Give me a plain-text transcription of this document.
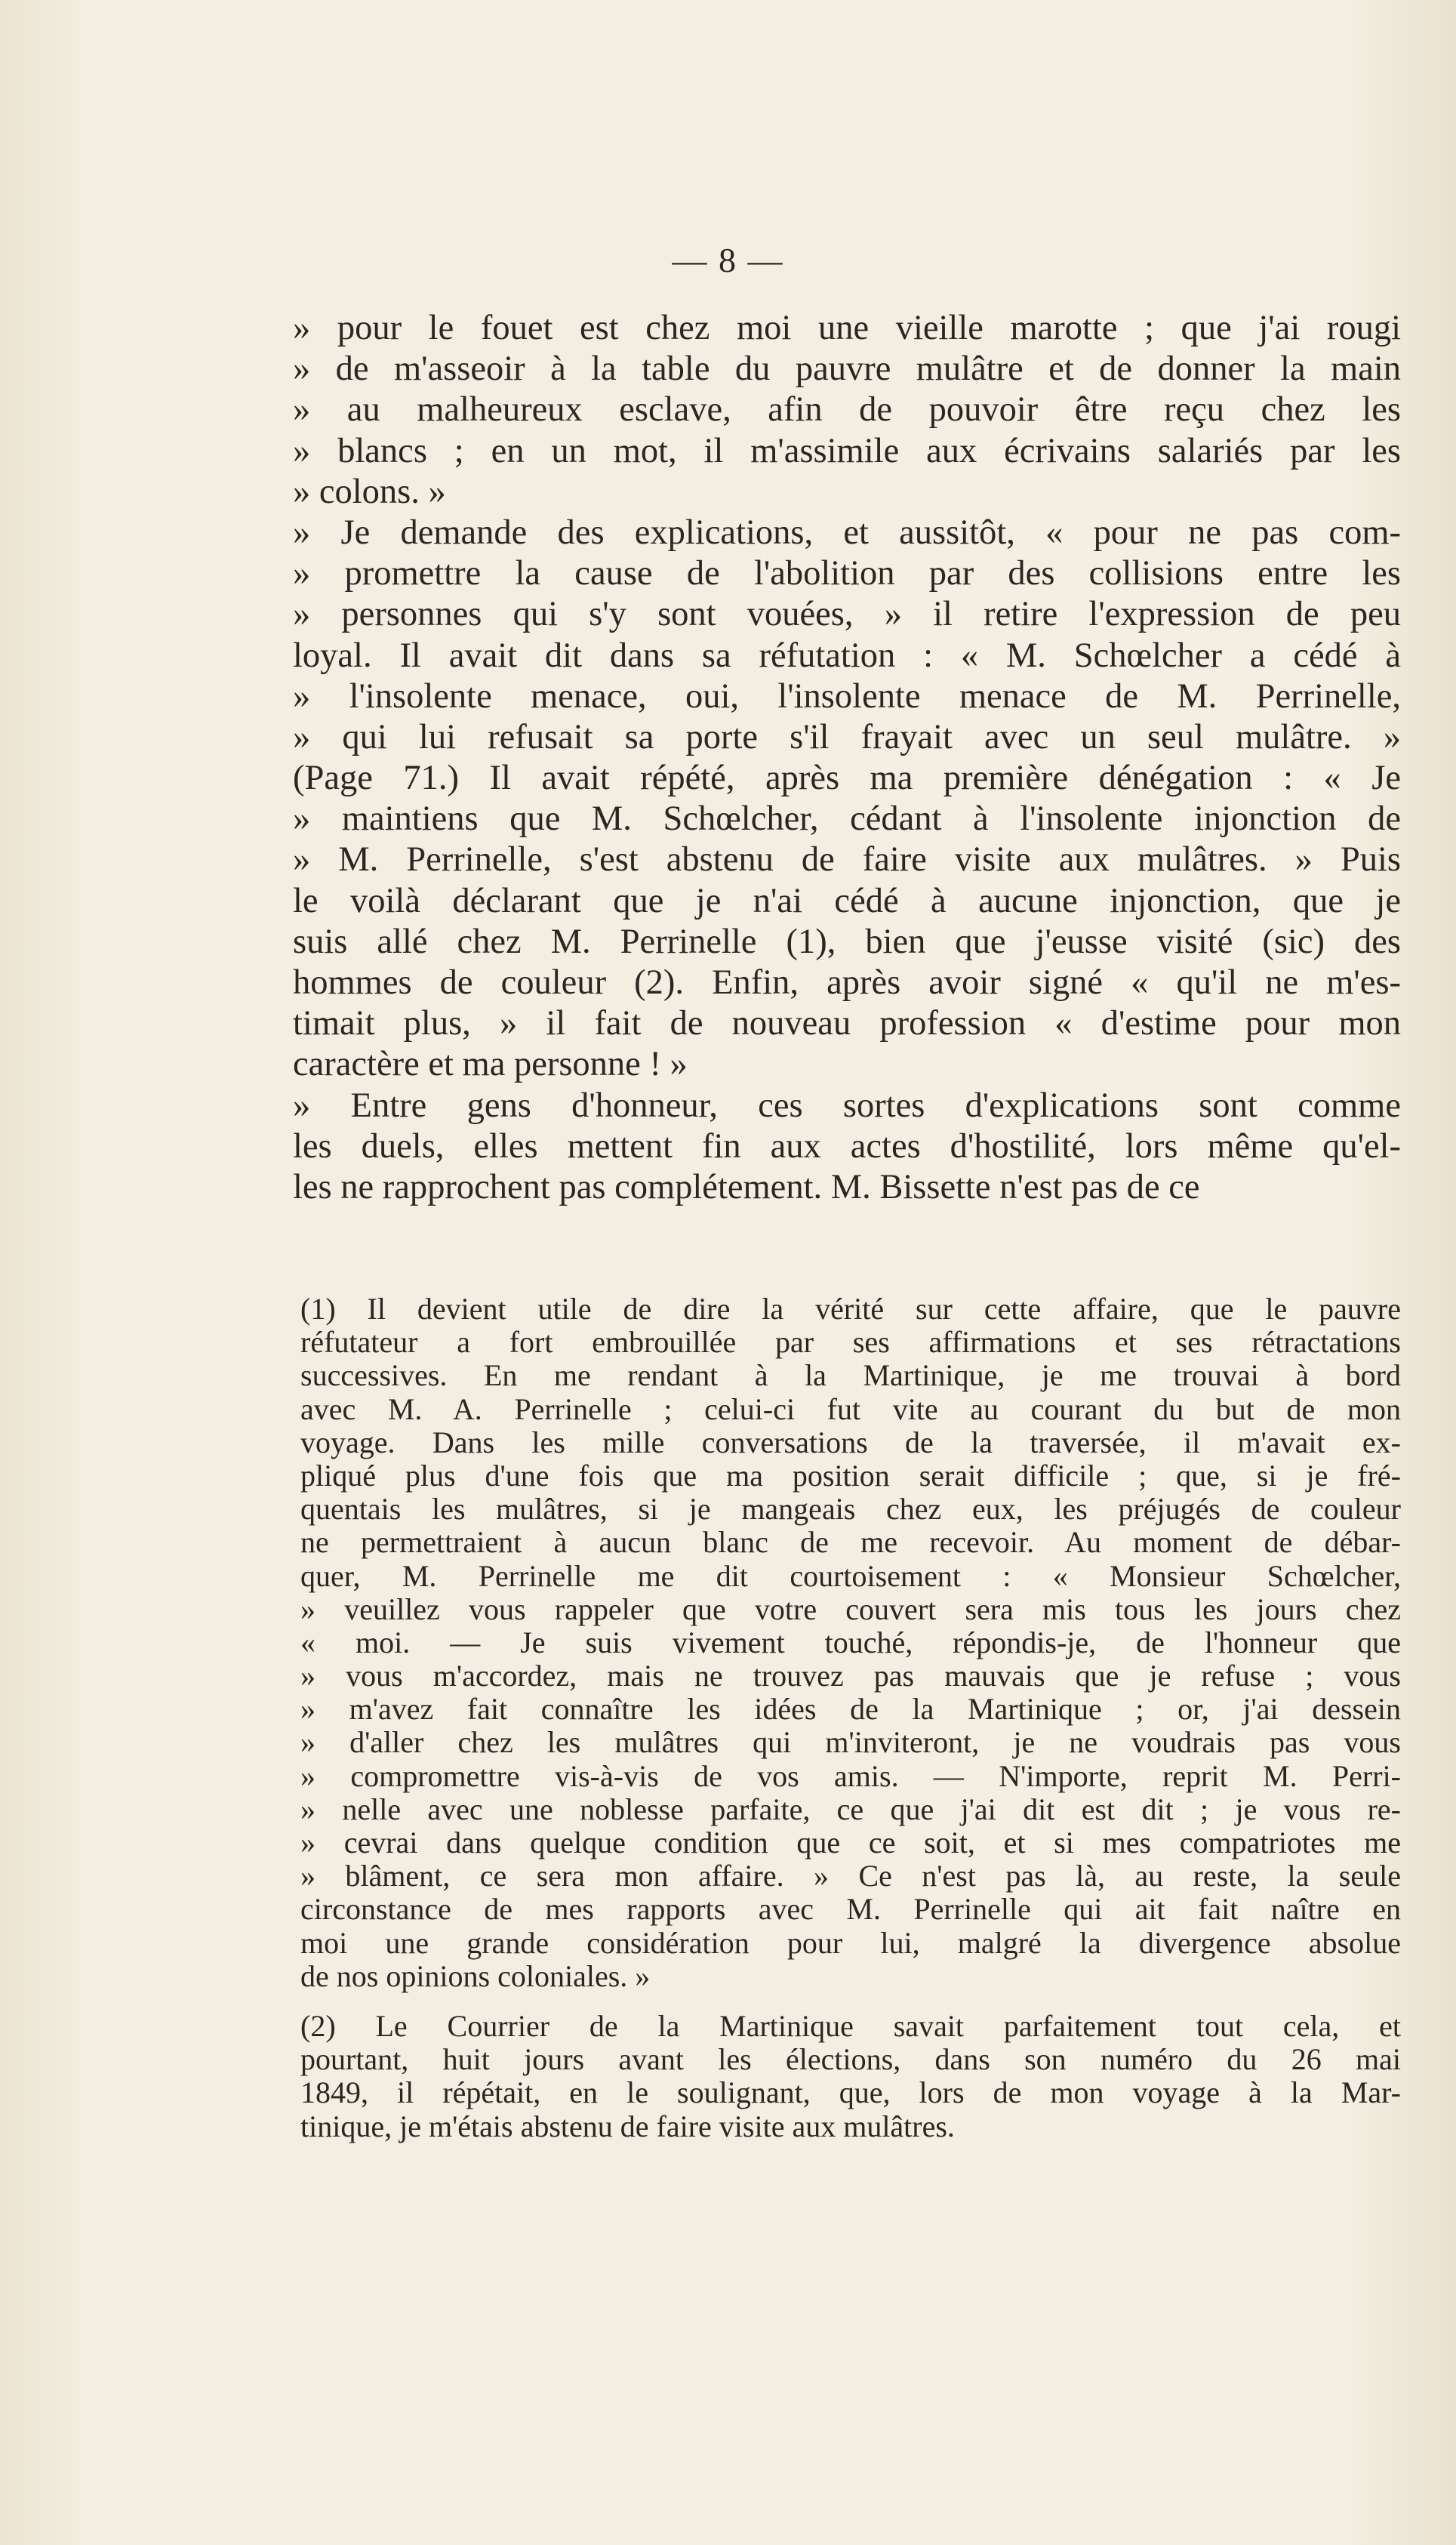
— 8 —
» pour le fouet est chez moi une vieille marotte ; que j'ai rougi
» de m'asseoir à la table du pauvre mulâtre et de donner la main
» au malheureux esclave, afin de pouvoir être reçu chez les
» blancs ; en un mot, il m'assimile aux écrivains salariés par les
» colons. »
» Je demande des explications, et aussitôt, « pour ne pas com-
» promettre la cause de l'abolition par des collisions entre les
» personnes qui s'y sont vouées, » il retire l'expression de peu
loyal. Il avait dit dans sa réfutation : « M. Schœlcher a cédé à
» l'insolente menace, oui, l'insolente menace de M. Perrinelle,
» qui lui refusait sa porte s'il frayait avec un seul mulâtre. »
(Page 71.) Il avait répété, après ma première dénégation : « Je
» maintiens que M. Schœlcher, cédant à l'insolente injonction de
» M. Perrinelle, s'est abstenu de faire visite aux mulâtres. » Puis
le voilà déclarant que je n'ai cédé à aucune injonction, que je
suis allé chez M. Perrinelle (1), bien que j'eusse visité (sic) des
hommes de couleur (2). Enfin, après avoir signé « qu'il ne m'es-
timait plus, » il fait de nouveau profession « d'estime pour mon
caractère et ma personne ! »
» Entre gens d'honneur, ces sortes d'explications sont comme
les duels, elles mettent fin aux actes d'hostilité, lors même qu'el-
les ne rapprochent pas complétement. M. Bissette n'est pas de ce
(1) Il devient utile de dire la vérité sur cette affaire, que le pauvre
réfutateur a fort embrouillée par ses affirmations et ses rétractations
successives. En me rendant à la Martinique, je me trouvai à bord
avec M. A. Perrinelle ; celui-ci fut vite au courant du but de mon
voyage. Dans les mille conversations de la traversée, il m'avait ex-
pliqué plus d'une fois que ma position serait difficile ; que, si je fré-
quentais les mulâtres, si je mangeais chez eux, les préjugés de couleur
ne permettraient à aucun blanc de me recevoir. Au moment de débar-
quer, M. Perrinelle me dit courtoisement : « Monsieur Schœlcher,
» veuillez vous rappeler que votre couvert sera mis tous les jours chez
« moi. — Je suis vivement touché, répondis-je, de l'honneur que
» vous m'accordez, mais ne trouvez pas mauvais que je refuse ; vous
» m'avez fait connaître les idées de la Martinique ; or, j'ai dessein
» d'aller chez les mulâtres qui m'inviteront, je ne voudrais pas vous
» compromettre vis-à-vis de vos amis. — N'importe, reprit M. Perri-
» nelle avec une noblesse parfaite, ce que j'ai dit est dit ; je vous re-
» cevrai dans quelque condition que ce soit, et si mes compatriotes me
» blâment, ce sera mon affaire. » Ce n'est pas là, au reste, la seule
circonstance de mes rapports avec M. Perrinelle qui ait fait naître en
moi une grande considération pour lui, malgré la divergence absolue
de nos opinions coloniales. »
(2) Le Courrier de la Martinique savait parfaitement tout cela, et
pourtant, huit jours avant les élections, dans son numéro du 26 mai
1849, il répétait, en le soulignant, que, lors de mon voyage à la Mar-
tinique, je m'étais abstenu de faire visite aux mulâtres.
